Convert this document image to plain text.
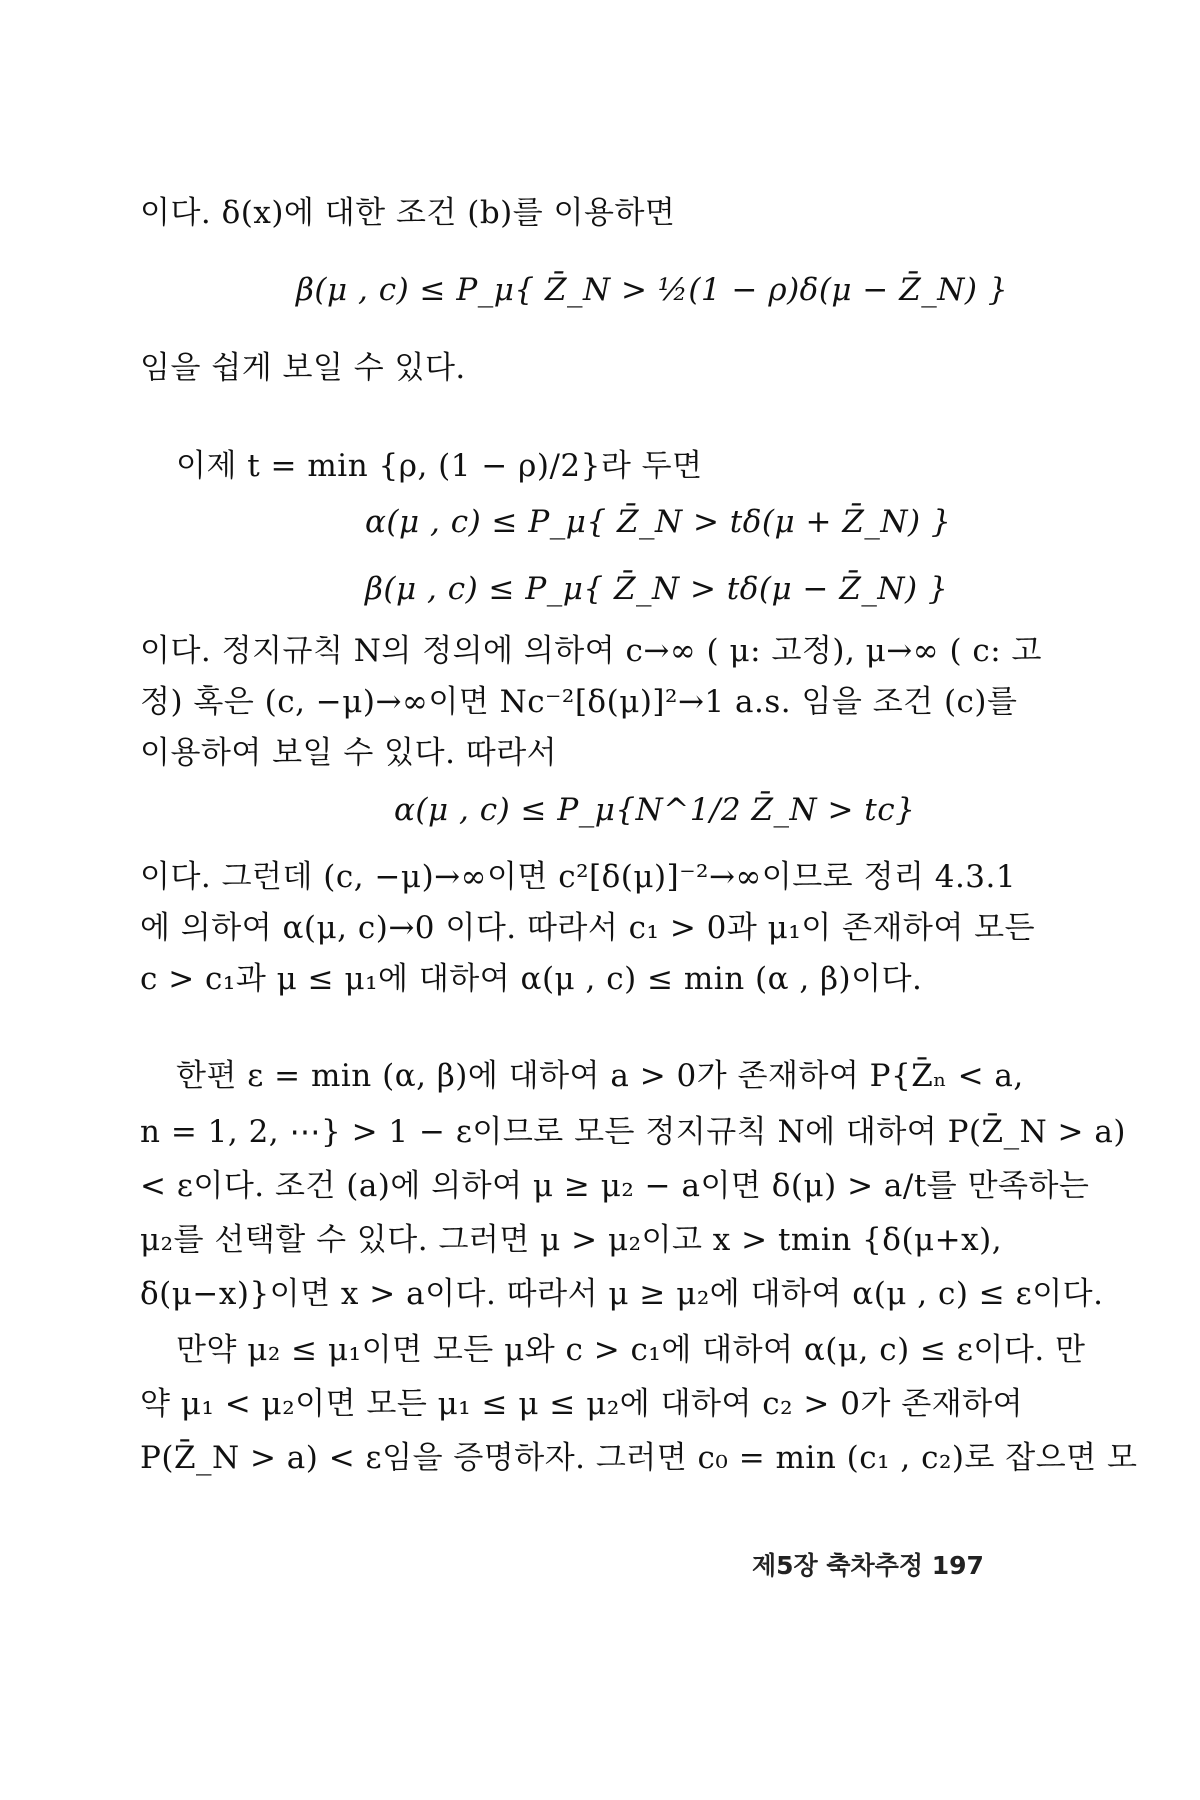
이다. δ(x)에 대한 조건 (b)를 이용하면
β(μ , c) ≤ P_μ{ Z̄_N > ½(1 − ρ)δ(μ − Z̄_N) }
임을 쉽게 보일 수 있다.
이제 t = min {ρ, (1 − ρ)/2}라 두면
α(μ , c) ≤ P_μ{ Z̄_N > tδ(μ + Z̄_N) }
β(μ , c) ≤ P_μ{ Z̄_N > tδ(μ − Z̄_N) }
이다. 정지규칙 N의 정의에 의하여 c→∞ ( μ: 고정), μ→∞ ( c: 고
정) 혹은 (c, −μ)→∞이면 Nc⁻²[δ(μ)]²→1 a.s. 임을 조건 (c)를
이용하여 보일 수 있다. 따라서
α(μ , c) ≤ P_μ{N^1/2 Z̄_N > tc}
이다. 그런데 (c, −μ)→∞이면 c²[δ(μ)]⁻²→∞이므로 정리 4.3.1
에 의하여 α(μ, c)→0 이다. 따라서 c₁ > 0과 μ₁이 존재하여 모든
c > c₁과 μ ≤ μ₁에 대하여 α(μ , c) ≤ min (α , β)이다.
한편 ε = min (α, β)에 대하여 a > 0가 존재하여 P{Z̄ₙ < a,
n = 1, 2, ⋯} > 1 − ε이므로 모든 정지규칙 N에 대하여 P(Z̄_N > a)
< ε이다. 조건 (a)에 의하여 μ ≥ μ₂ − a이면 δ(μ) > a/t를 만족하는
μ₂를 선택할 수 있다. 그러면 μ > μ₂이고 x > tmin {δ(μ+x),
δ(μ−x)}이면 x > a이다. 따라서 μ ≥ μ₂에 대하여 α(μ , c) ≤ ε이다.
만약 μ₂ ≤ μ₁이면 모든 μ와 c > c₁에 대하여 α(μ, c) ≤ ε이다. 만
약 μ₁ < μ₂이면 모든 μ₁ ≤ μ ≤ μ₂에 대하여 c₂ > 0가 존재하여
P(Z̄_N > a) < ε임을 증명하자. 그러면 c₀ = min (c₁ , c₂)로 잡으면 모
제5장 축차추정 197
